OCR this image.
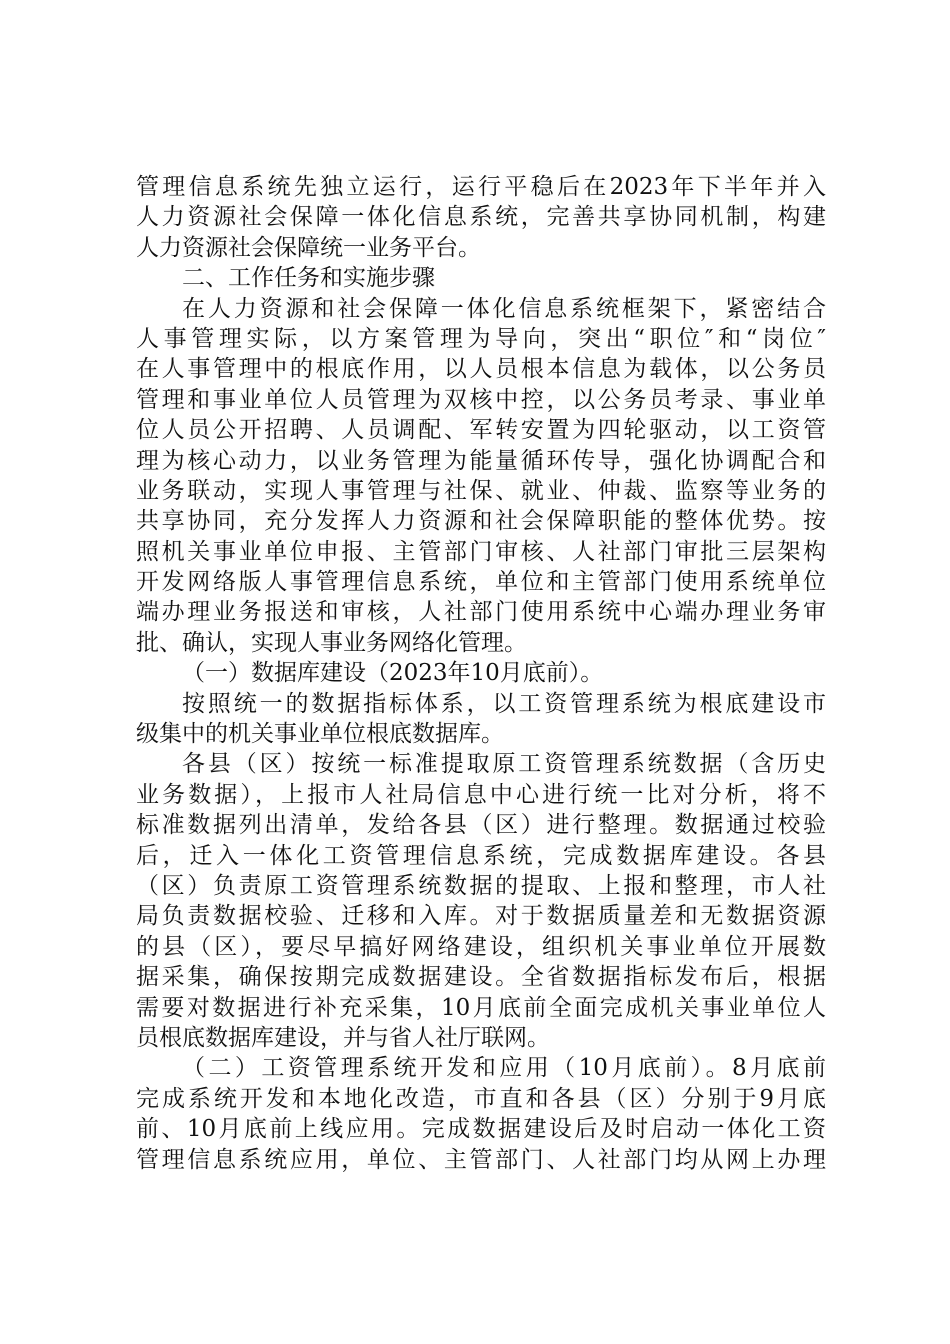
管理信息系统先独立运行，运行平稳后在2023年下半年并入
人力资源社会保障一体化信息系统，完善共享协同机制，构建
人力资源社会保障统一业务平台。
二、工作任务和实施步骤
在人力资源和社会保障一体化信息系统框架下，紧密结合
人事管理实际，以方案管理为导向，突出“职位″和“岗位″
在人事管理中的根底作用，以人员根本信息为载体，以公务员
管理和事业单位人员管理为双核中控，以公务员考录、事业单
位人员公开招聘、人员调配、军转安置为四轮驱动，以工资管
理为核心动力，以业务管理为能量循环传导，强化协调配合和
业务联动，实现人事管理与社保、就业、仲裁、监察等业务的
共享协同，充分发挥人力资源和社会保障职能的整体优势。按
照机关事业单位申报、主管部门审核、人社部门审批三层架构
开发网络版人事管理信息系统，单位和主管部门使用系统单位
端办理业务报送和审核，人社部门使用系统中心端办理业务审
批、确认，实现人事业务网络化管理。
（一）数据库建设（2023年10月底前）。
按照统一的数据指标体系，以工资管理系统为根底建设市
级集中的机关事业单位根底数据库。
各县（区）按统一标准提取原工资管理系统数据（含历史
业务数据），上报市人社局信息中心进行统一比对分析，将不
标准数据列出清单，发给各县（区）进行整理。数据通过校验
后，迁入一体化工资管理信息系统，完成数据库建设。各县
（区）负责原工资管理系统数据的提取、上报和整理，市人社
局负责数据校验、迁移和入库。对于数据质量差和无数据资源
的县（区），要尽早搞好网络建设，组织机关事业单位开展数
据采集，确保按期完成数据建设。全省数据指标发布后，根据
需要对数据进行补充采集，10月底前全面完成机关事业单位人
员根底数据库建设，并与省人社厅联网。
（二）工资管理系统开发和应用（10月底前）。8月底前
完成系统开发和本地化改造，市直和各县（区）分别于9月底
前、10月底前上线应用。完成数据建设后及时启动一体化工资
管理信息系统应用，单位、主管部门、人社部门均从网上办理
